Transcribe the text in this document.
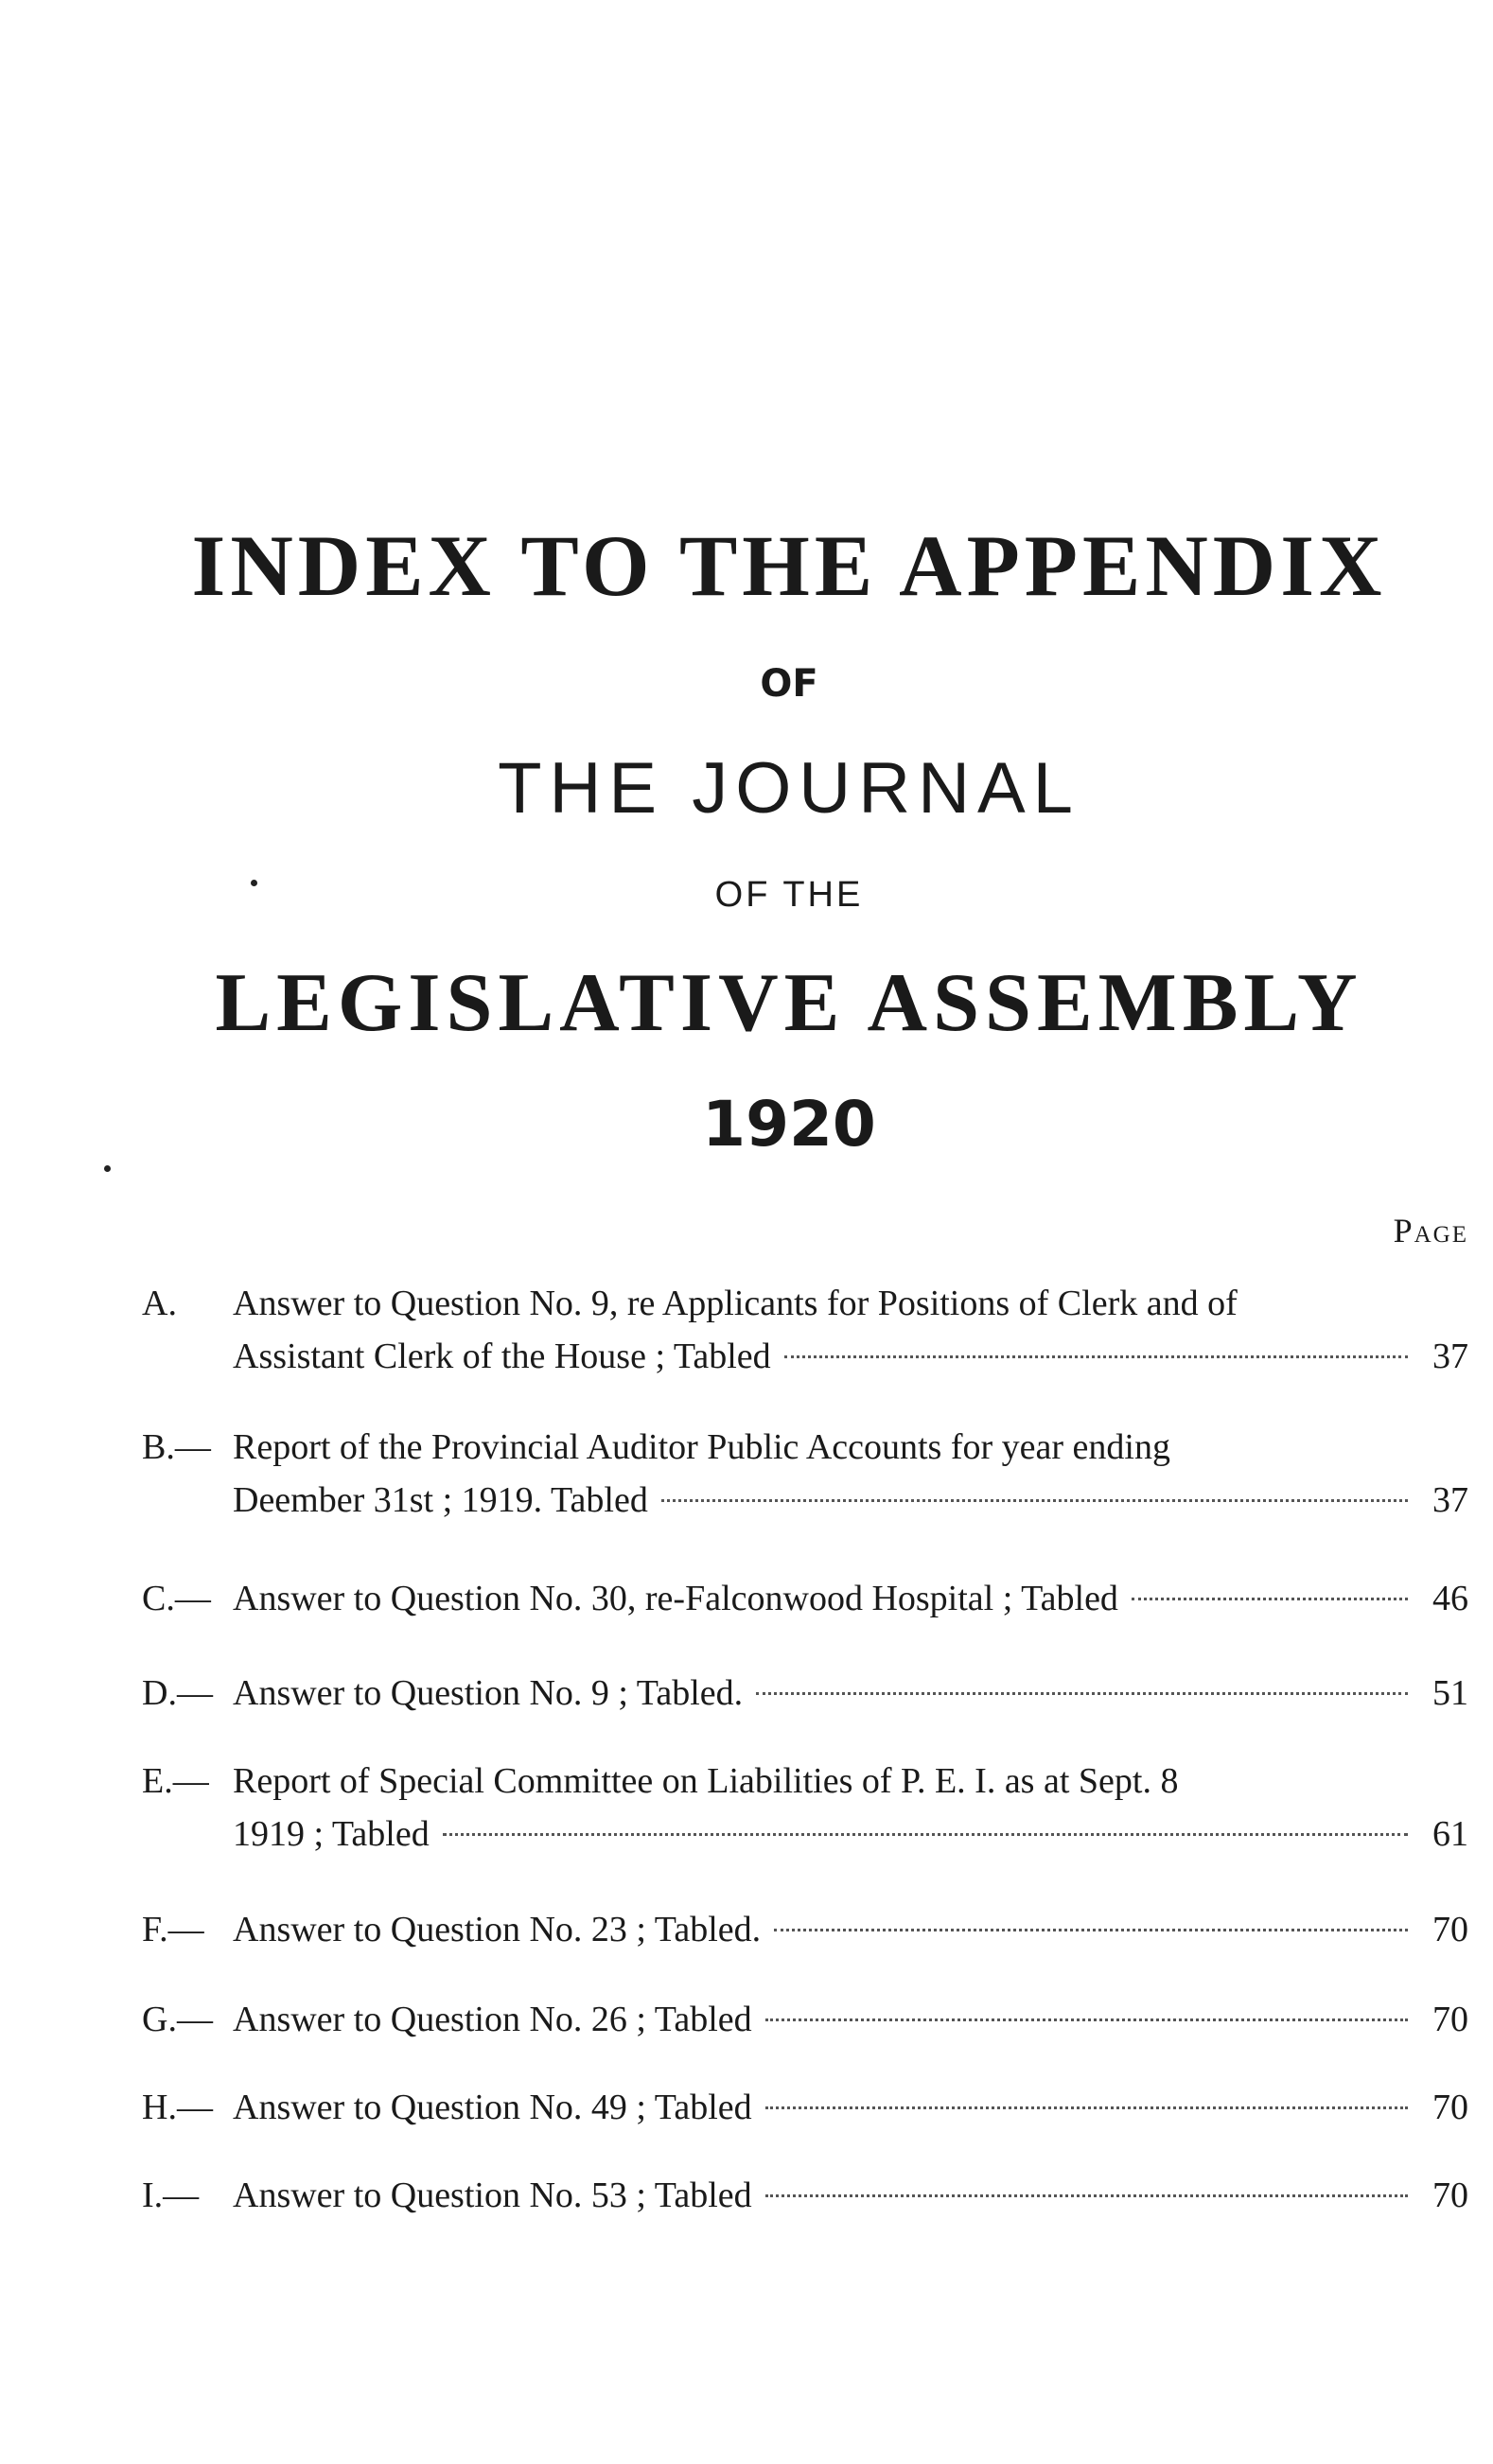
INDEX TO THE APPENDIX
OF
THE JOURNAL
OF THE
LEGISLATIVE ASSEMBLY
1920
Page
A. Answer to Question No. 9, re Applicants for Positions of Clerk and of
Assistant Clerk of the House ; Tabled	37
B.— Report of the Provincial Auditor Public Accounts for year ending
Deember 31st ; 1919. Tabled	37
C.— Answer to Question No. 30, re-Falconwood Hospital ; Tabled	46
D.— Answer to Question No. 9 ; Tabled.	51
E.— Report of Special Committee on Liabilities of P. E. I. as at Sept. 8
1919 ; Tabled	61
F.— Answer to Question No. 23 ; Tabled.	70
G.— Answer to Question No. 26 ; Tabled	70
H.— Answer to Question No. 49 ; Tabled	70
I.— Answer to Question No. 53 ; Tabled	70
